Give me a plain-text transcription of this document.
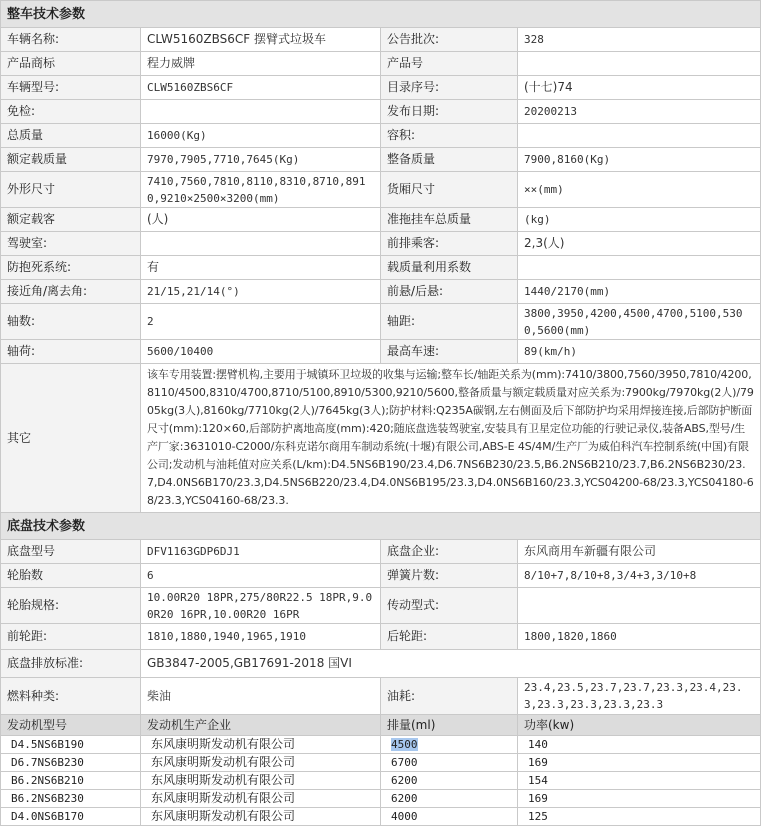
整车技术参数			
车辆名称:	CLW5160ZBS6CF 摆臂式垃圾车	公告批次:	328
产品商标	程力威牌	产品号	
车辆型号:	CLW5160ZBS6CF	目录序号:	(十七)74
免检:		发布日期:	20200213
总质量	16000(Kg)	容积:	
额定载质量	7970,7905,7710,7645(Kg)	整备质量	7900,8160(Kg)
外形尺寸	7410,7560,7810,8110,8310,8710,8910,9210×2500×3200(mm)	货厢尺寸	××(mm)
额定载客	(人)	准拖挂车总质量	(kg)
驾驶室:		前排乘客:	2,3(人)
防抱死系统:	有	载质量利用系数	
接近角/离去角:	21/15,21/14(°)	前悬/后悬:	1440/2170(mm)
轴数:	2	轴距:	3800,3950,4200,4500,4700,5100,5300,5600(mm)
轴荷:	5600/10400	最高车速:	89(km/h)
其它	该车专用装置:摆臂机构,主要用于城镇环卫垃圾的收集与运输;整车长/轴距关系为(mm):7410/3800,7560/3950,7810/4200,8110/4500,8310/4700,8710/5100,8910/5300,9210/5600,整备质量与额定载质量对应关系为:7900kg/7970kg(2人)/7905kg(3人),8160kg/7710kg(2人)/7645kg(3人);防护材料:Q235A碳钢,左右侧面及后下部防护均采用焊接连接,后部防护断面尺寸(mm):120×60,后部防护离地高度(mm):420;随底盘选装驾驶室,安装具有卫星定位功能的行驶记录仪,装备ABS,型号/生产厂家:3631010-C2000/东科克诺尔商用车制动系统(十堰)有限公司,ABS-E 4S/4M/生产厂为威伯科汽车控制系统(中国)有限公司;发动机与油耗值对应关系(L/km):D4.5NS6B190/23.4,D6.7NS6B230/23.5,B6.2NS6B210/23.7,B6.2NS6B230/23.7,D4.0NS6B170/23.3,D4.5NS6B220/23.4,D4.0NS6B195/23.3,D4.0NS6B160/23.3,YCS04200-68/23.3,YCS04180-68/23.3,YCS04160-68/23.3.		
底盘技术参数			
底盘型号	DFV1163GDP6DJ1	底盘企业:	东风商用车新疆有限公司
轮胎数	6	弹簧片数:	8/10+7,8/10+8,3/4+3,3/10+8
轮胎规格:	10.00R20 18PR,275/80R22.5 18PR,9.00R20 16PR,10.00R20 16PR	传动型式:	
前轮距:	1810,1880,1940,1965,1910	后轮距:	1800,1820,1860
底盘排放标准:	GB3847-2005,GB17691-2018 国VI		
燃料种类:	柴油	油耗:	23.4,23.5,23.7,23.7,23.3,23.4,23.3,23.3,23.3,23.3,23.3
发动机型号	发动机生产企业	排量(ml)	功率(kw)
D4.5NS6B190	东风康明斯发动机有限公司	4500	140
D6.7NS6B230	东风康明斯发动机有限公司	6700	169
B6.2NS6B210	东风康明斯发动机有限公司	6200	154
B6.2NS6B230	东风康明斯发动机有限公司	6200	169
D4.0NS6B170	东风康明斯发动机有限公司	4000	125
